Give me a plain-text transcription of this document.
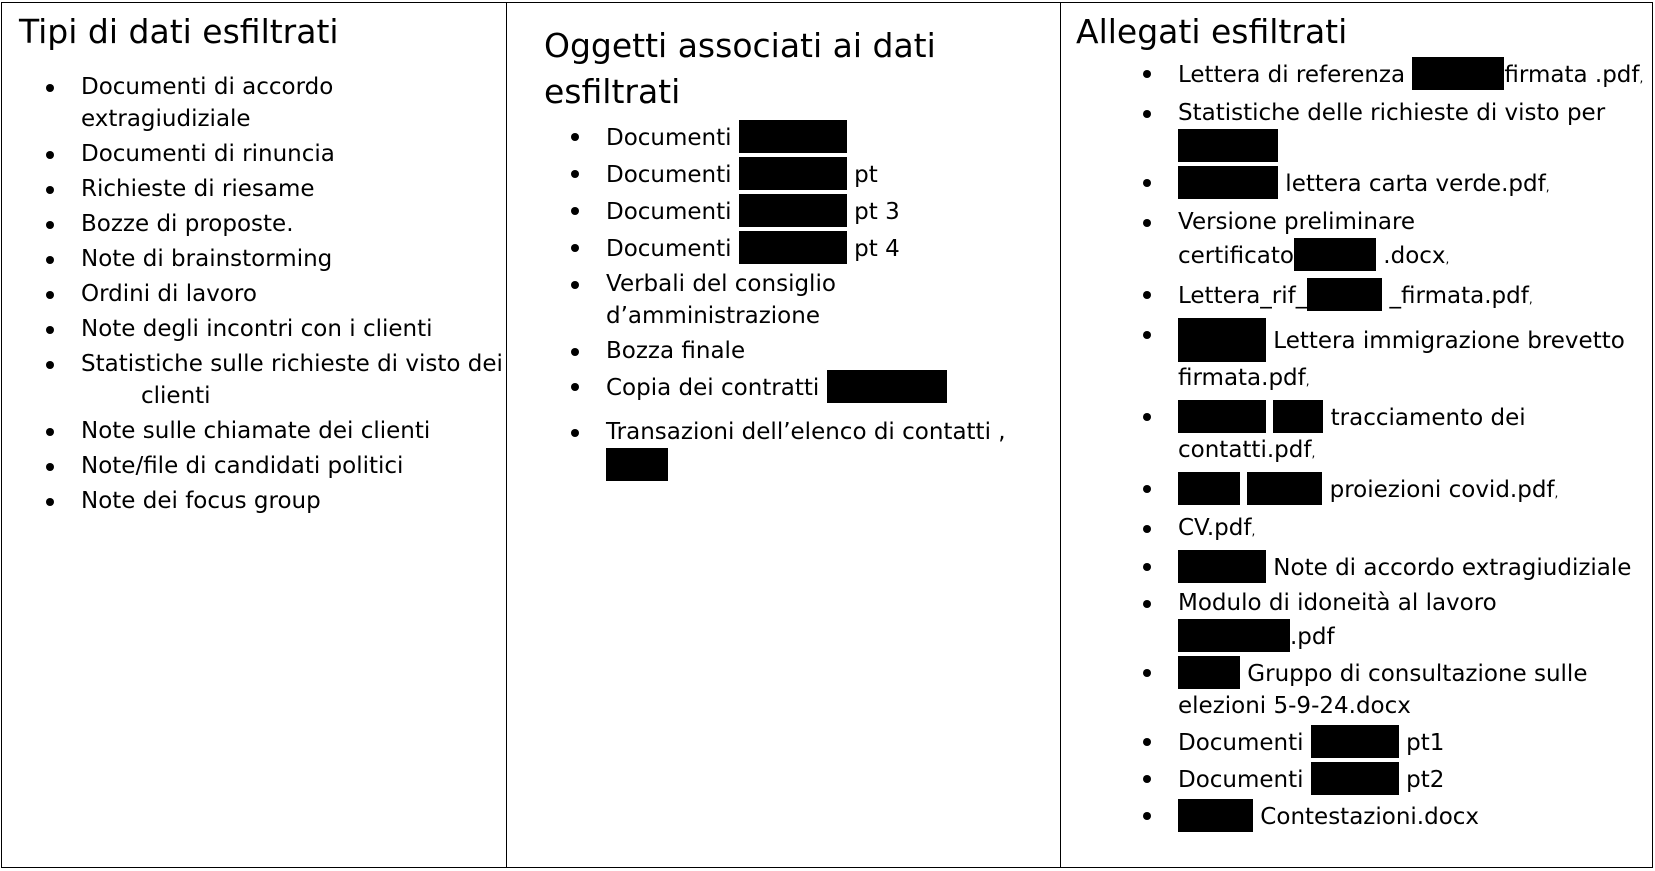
Tipi di dati esfiltrati
Documenti di accordo extragiudiziale
Documenti di rinuncia
Richieste di riesame
Bozze di proposte.
Note di brainstorming
Ordini di lavoro
Note degli incontri con i clienti
Statistiche sulle richieste di visto dei
clienti
Note sulle chiamate dei clienti
Note/file di candidati politici
Note dei focus group
Oggetti associati ai dati
esfiltrati
Documenti
Documenti	pt
Documenti	pt 3
Documenti	pt 4
Verbali del consiglio
d’amministrazione
Bozza finale
Copia dei contratti
Transazioni dell’elenco di contatti ,

Allegati esfiltrati
Lettera di referenza	firmata .pdf,
Statistiche delle richieste di visto per

lettera carta verde.pdf,
Versione preliminare
certificato	.docx,
Lettera_rif_	_firmata.pdf,
Lettera immigrazione brevetto
firmata.pdf,
tracciamento dei
contatti.pdf,
proiezioni covid.pdf,
CV.pdf,
Note di accordo extragiudiziale
Modulo di idoneità al lavoro
.pdf
Gruppo di consultazione sulle
elezioni 5-9-24.docx
Documenti	pt1
Documenti	pt2
Contestazioni.docx
